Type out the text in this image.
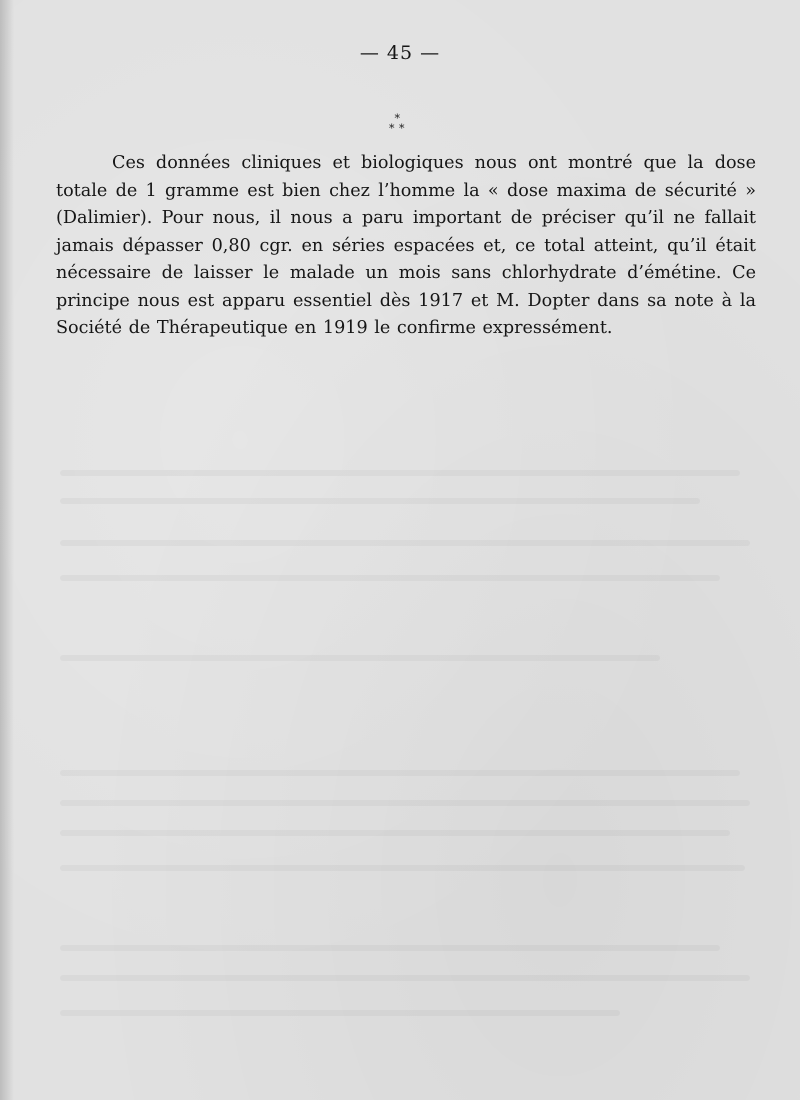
— 45 —
*
* *

Ces données cliniques et biologiques nous ont montré que la dose totale de 1 gramme est bien chez l’homme la « dose maxima de sécurité » (Dalimier). Pour nous, il nous a paru important de préciser qu’il ne fallait jamais dépasser 0,80 cgr. en séries espacées et, ce total atteint, qu’il était nécessaire de laisser le malade un mois sans chlorhydrate d’émétine. Ce principe nous est apparu essentiel dès 1917 et M. Dopter dans sa note à la Société de Thérapeutique en 1919 le confirme expressément.
